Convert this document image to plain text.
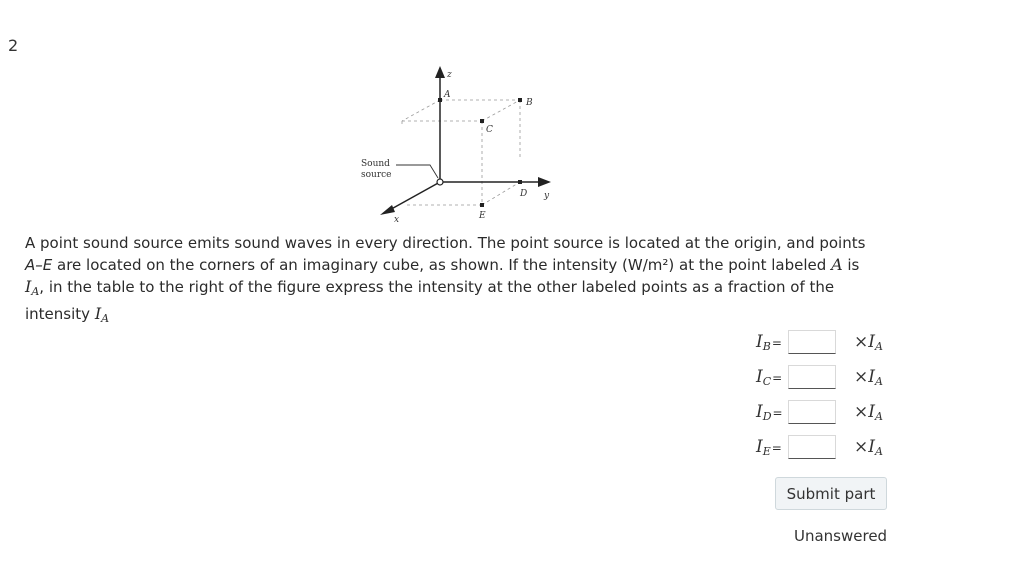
2
z
y
x
A
B
C
D
E
Sound
source
A point sound source emits sound waves in every direction. The point source is located at the origin, and points
A–E are located on the corners of an imaginary cube, as shown. If the intensity (W/m²) at the point labeled A is
$I_A$, in the table to the right of the figure express the intensity at the other labeled points as a fraction of the
intensity $I_A$
$I_B=$	$\times I_A$
$I_C=$	$\times I_A$
$I_D=$	$\times I_A$
$I_E=$	$\times I_A$
Submit part
Unanswered
